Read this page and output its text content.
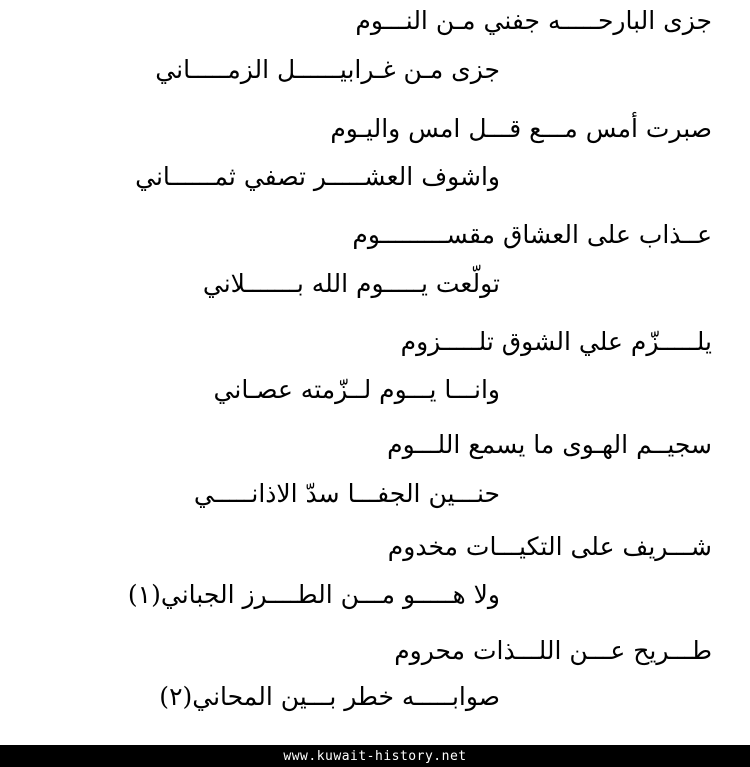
جزى البارحـــــه جفني مـن النـــوم
جزى مـن غـرابيــــــل الزمـــــاني
صبرت أمس مـــع قـــل امس واليـوم
واشوف العشـــــر تصفي ثمــــــاني
عــذاب على العشاق مقســـــــــوم
تولّعت يـــــوم الله بـــــــلاني
يلـــــزّم علي الشوق تلـــــزوم
وانـــا يـــوم لــزّمته عصـاني
سجيــم الهـوى ما يسمع اللـــوم
حنـــين الجفـــا سدّ الاذانـــــي
شـــريف على التكيـــات مخدوم
ولا هـــــو مـــن الطــــرز الجباني(١)
طـــريح عـــن اللـــذات محروم
صوابـــــه خطر بـــين المحاني(٢)
www.kuwait-history.net
